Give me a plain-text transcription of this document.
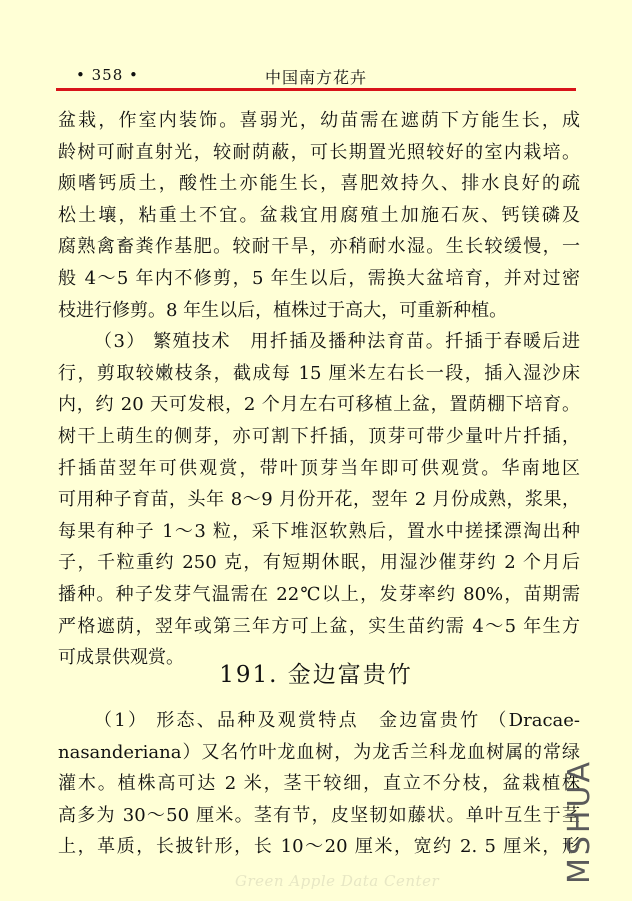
• 358 •	中国南方花卉
盆栽，作室内装饰。喜弱光，幼苗需在遮荫下方能生长，成
龄树可耐直射光，较耐荫蔽，可长期置光照较好的室内栽培。
颇嗜钙质土，酸性土亦能生长，喜肥效持久、排水良好的疏
松土壤，粘重土不宜。盆栽宜用腐殖土加施石灰、钙镁磷及
腐熟禽畜粪作基肥。较耐干旱，亦稍耐水湿。生长较缓慢，一
般 4～5 年内不修剪，5 年生以后，需换大盆培育，并对过密
枝进行修剪。8 年生以后，植株过于高大，可重新种植。
（3） 繁殖技术　用扦插及播种法育苗。扦插于春暖后进
行，剪取较嫩枝条，截成每 15 厘米左右长一段，插入湿沙床
内，约 20 天可发根，2 个月左右可移植上盆，置荫棚下培育。
树干上萌生的侧芽，亦可割下扦插，顶芽可带少量叶片扦插，
扦插苗翌年可供观赏，带叶顶芽当年即可供观赏。华南地区
可用种子育苗，头年 8～9 月份开花，翌年 2 月份成熟，浆果，
每果有种子 1～3 粒，采下堆沤软熟后，置水中搓揉漂淘出种
子，千粒重约 250 克，有短期休眠，用湿沙催芽约 2 个月后
播种。种子发芽气温需在 22℃以上，发芽率约 80%，苗期需
严格遮荫，翌年或第三年方可上盆，实生苗约需 4～5 年生方
可成景供观赏。
191. 金边富贵竹
（1） 形态、品种及观赏特点　金边富贵竹 （Dracae-
nasanderiana）又名竹叶龙血树，为龙舌兰科龙血树属的常绿
灌木。植株高可达 2 米，茎干较细，直立不分枝，盆栽植株
高多为 30～50 厘米。茎有节，皮坚韧如藤状。单叶互生于茎
上，革质，长披针形，长 10～20 厘米，宽约 2. 5 厘米，形
Green Apple Data Center	MSHUA
